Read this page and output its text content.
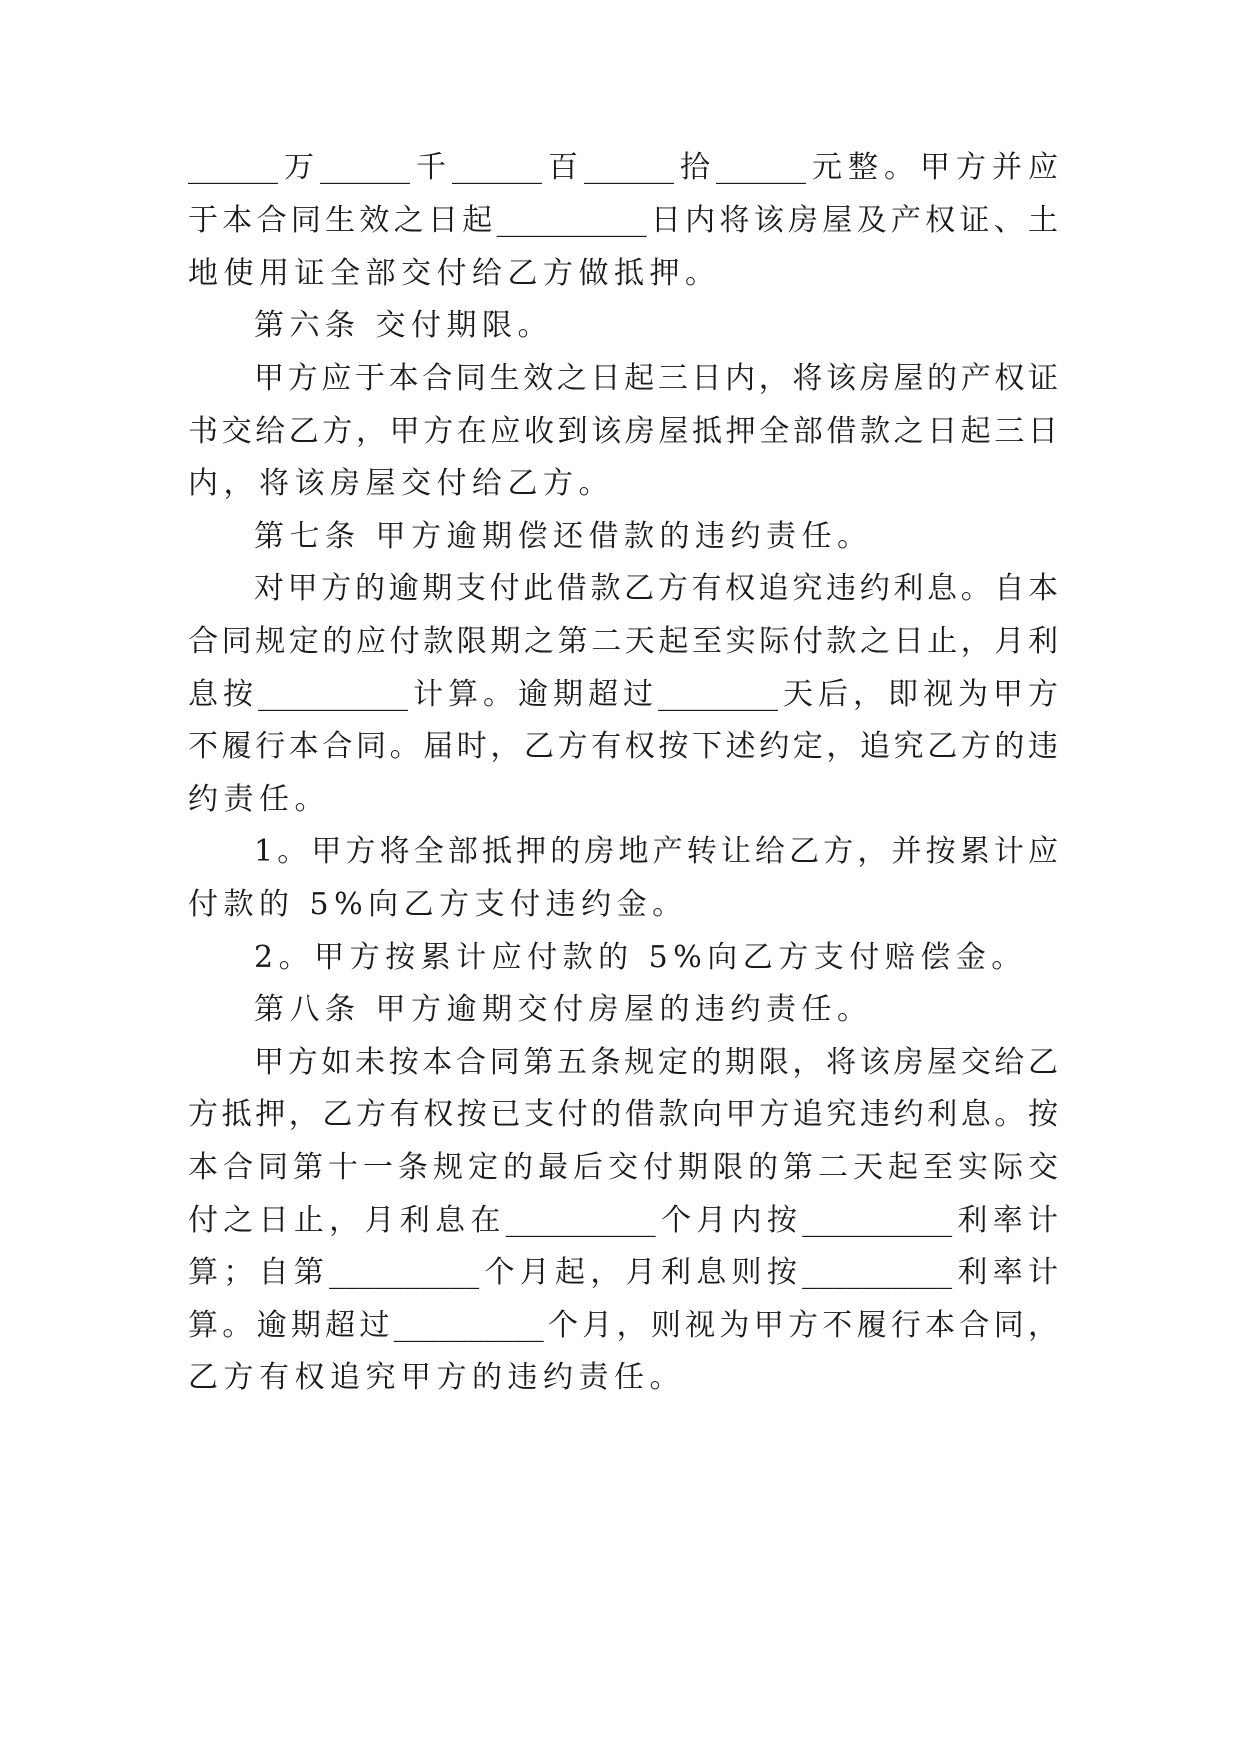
______万______千______百______拾______元整。甲方并应
于本合同生效之日起__________日内将该房屋及产权证、土
地使用证全部交付给乙方做抵押。
第六条 交付期限。
甲方应于本合同生效之日起三日内，将该房屋的产权证
书交给乙方，甲方在应收到该房屋抵押全部借款之日起三日
内，将该房屋交付给乙方。
第七条 甲方逾期偿还借款的违约责任。
对甲方的逾期支付此借款乙方有权追究违约利息。自本
合同规定的应付款限期之第二天起至实际付款之日止，月利
息按__________计算。逾期超过________天后，即视为甲方
不履行本合同。届时，乙方有权按下述约定，追究乙方的违
约责任。
1。甲方将全部抵押的房地产转让给乙方，并按累计应
付款的 5%向乙方支付违约金。
2。甲方按累计应付款的 5%向乙方支付赔偿金。
第八条 甲方逾期交付房屋的违约责任。
甲方如未按本合同第五条规定的期限，将该房屋交给乙
方抵押，乙方有权按已支付的借款向甲方追究违约利息。按
本合同第十一条规定的最后交付期限的第二天起至实际交
付之日止，月利息在__________个月内按__________利率计
算；自第__________个月起，月利息则按__________利率计
算。逾期超过__________个月，则视为甲方不履行本合同，
乙方有权追究甲方的违约责任。
